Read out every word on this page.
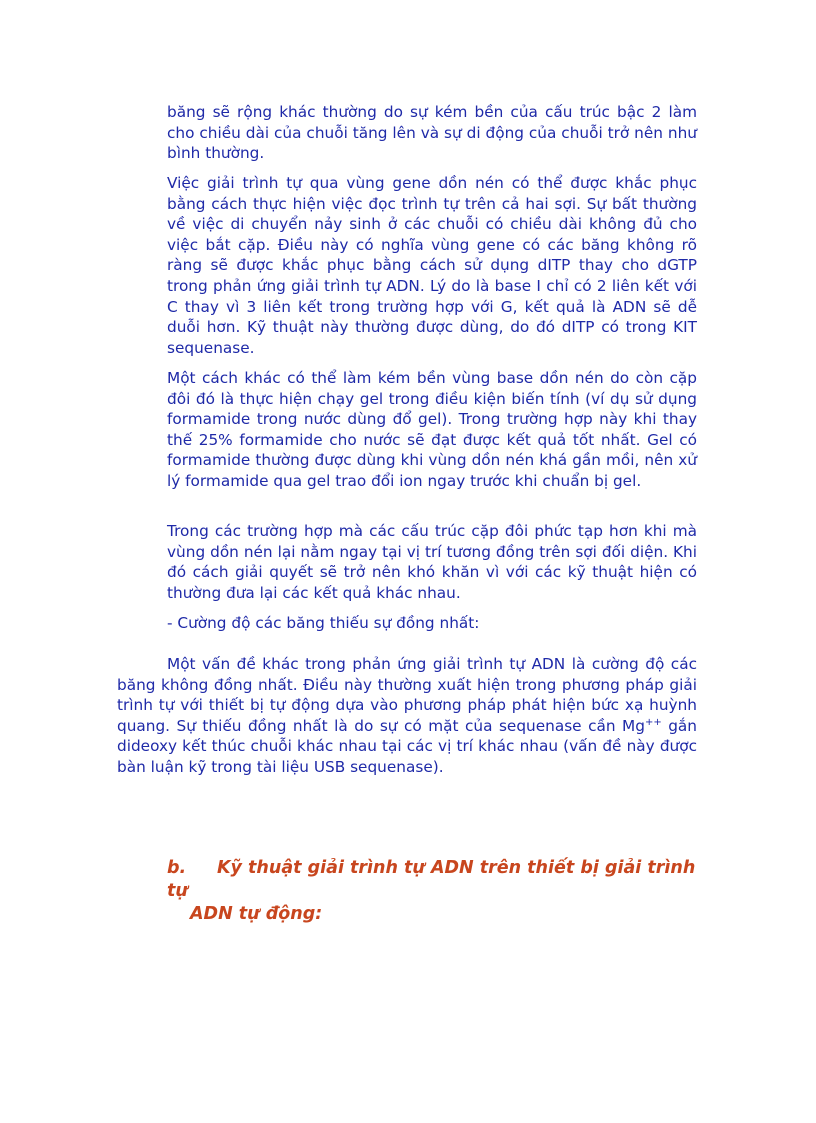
băng sẽ rộng khác thường do sự kém bền của cấu trúc bậc 2 làm cho chiều dài của chuỗi tăng lên và sự di động của chuỗi trở nên như bình thường.

Việc giải trình tự qua vùng gene dồn nén có thể được khắc phục bằng cách thực hiện việc đọc trình tự trên cả hai sợi. Sự bất thường về việc di chuyển nảy sinh ở các chuỗi có chiều dài không đủ cho việc bắt cặp. Điều này có nghĩa vùng gene có các băng không rõ ràng sẽ được khắc phục bằng cách sử dụng dITP thay cho dGTP trong phản ứng giải trình tự ADN. Lý do là base I chỉ có 2 liên kết với C thay vì 3 liên kết trong trường hợp với G, kết quả là ADN sẽ dễ duỗi hơn. Kỹ thuật này thường được dùng, do đó dITP có trong KIT sequenase.

Một cách khác có thể làm kém bền vùng base dồn nén do còn cặp đôi đó là thực hiện chạy gel trong điều kiện biến tính (ví dụ sử dụng formamide trong nước dùng đổ gel). Trong trường hợp này khi thay thế 25% formamide cho nước sẽ đạt được kết quả tốt nhất. Gel có formamide thường được dùng khi vùng dồn nén khá gần mồi, nên xử lý formamide qua gel trao đổi ion ngay trước khi chuẩn bị gel.

Trong các trường hợp mà các cấu trúc cặp đôi phức tạp hơn khi mà vùng dồn nén lại nằm ngay tại vị trí tương đồng trên sợi đối diện. Khi đó cách giải quyết sẽ trở nên khó khăn vì với các kỹ thuật hiện có thường đưa lại các kết quả khác nhau.

- Cường độ các băng thiếu sự đồng nhất:

Một vấn đề khác trong phản ứng giải trình tự ADN là cường độ các băng không đồng nhất. Điều này thường xuất hiện trong phương pháp giải trình tự với thiết bị tự động dựa vào phương pháp phát hiện bức xạ huỳnh quang. Sự thiếu đồng nhất là do sự có mặt của sequenase cần Mg++ gắn dideoxy kết thúc chuỗi khác nhau tại các vị trí khác nhau (vấn đề này được bàn luận kỹ trong tài liệu USB sequenase).

b. Kỹ thuật giải trình tự ADN trên thiết bị giải trình tự
ADN tự động:
